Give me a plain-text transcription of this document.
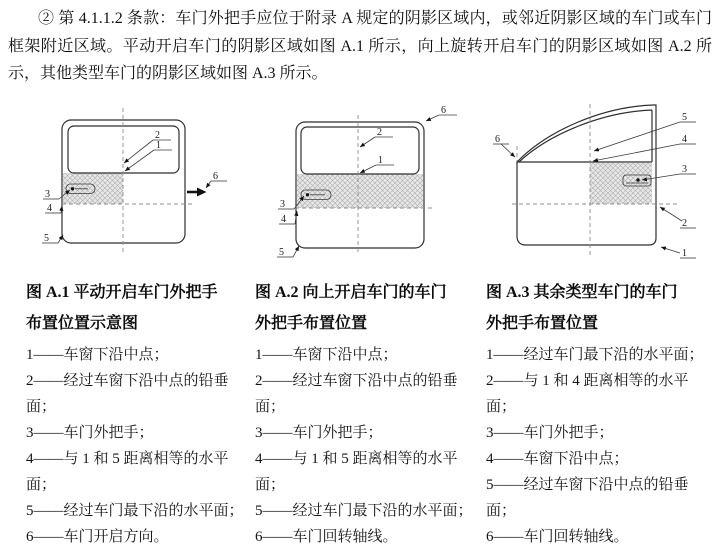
② 第 4.1.1.2 条款：车门外把手应位于附录 A 规定的阴影区域内，或邻近阴影区域的车门或车门框架附近区域。平动开启车门的阴影区域如图 A.1 所示，向上旋转开启车门的阴影区域如图 A.2 所示，其他类型车门的阴影区域如图 A.3 所示。

2
1
3
4
5
6
6
2
1
3
4
5
6
5
4
3
2
1
图 A.1 平动开启车门外把手
布置位置示意图
1——车窗下沿中点；
2——经过车窗下沿中点的铅垂面；
3——车门外把手；
4——与 1 和 5 距离相等的水平面；
5——经过车门最下沿的水平面；
6——车门开启方向。
图 A.2 向上开启车门的车门
外把手布置位置
1——车窗下沿中点；
2——经过车窗下沿中点的铅垂面；
3——车门外把手；
4——与 1 和 5 距离相等的水平面；
5——经过车门最下沿的水平面；
6——车门回转轴线。
图 A.3 其余类型车门的车门
外把手布置位置
1——经过车门最下沿的水平面；
2——与 1 和 4 距离相等的水平面；
3——车门外把手；
4——车窗下沿中点；
5——经过车窗下沿中点的铅垂面；
6——车门回转轴线。
